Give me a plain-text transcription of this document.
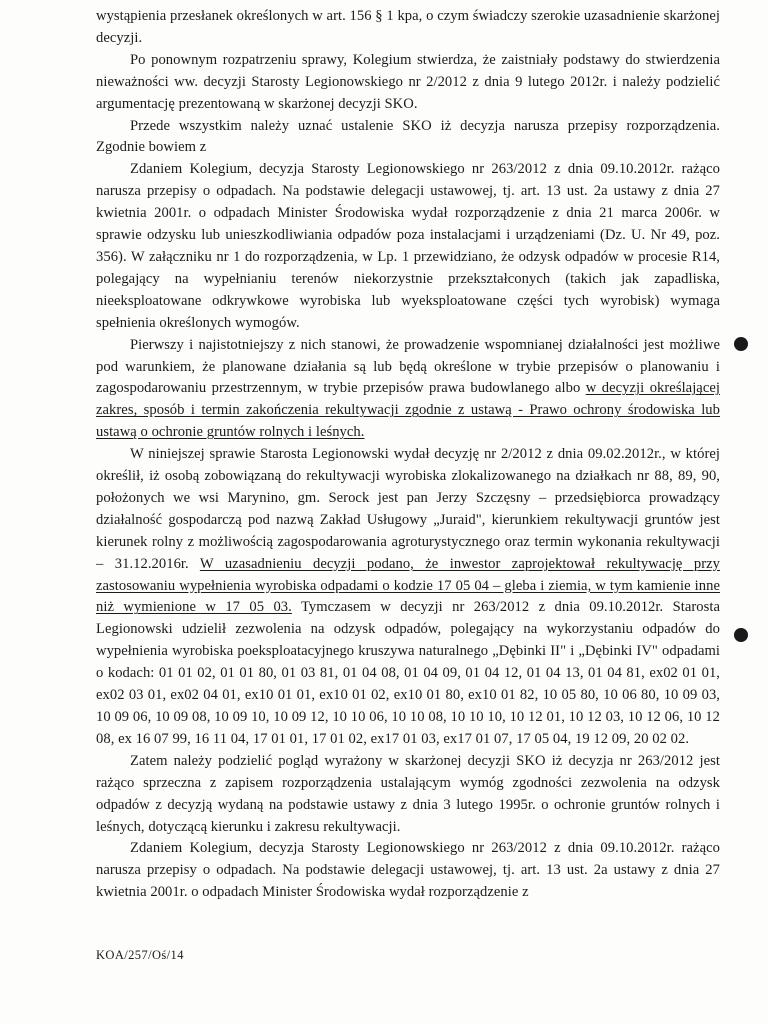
wystąpienia przesłanek określonych w art. 156 § 1 kpa, o czym świadczy szerokie uzasadnienie skarżonej decyzji.

Po ponownym rozpatrzeniu sprawy, Kolegium stwierdza, że zaistniały podstawy do stwierdzenia nieważności ww. decyzji Starosty Legionowskiego nr 2/2012 z dnia 9 lutego 2012r. i należy podzielić argumentację prezentowaną w skarżonej decyzji SKO.

Przede wszystkim należy uznać ustalenie SKO iż decyzja narusza przepisy rozporządzenia. Zgodnie bowiem z

Zdaniem Kolegium, decyzja Starosty Legionowskiego nr 263/2012 z dnia 09.10.2012r. rażąco narusza przepisy o odpadach. Na podstawie delegacji ustawowej, tj. art. 13 ust. 2a ustawy z dnia 27 kwietnia 2001r. o odpadach Minister Środowiska wydał rozporządzenie z dnia 21 marca 2006r. w sprawie odzysku lub unieszkodliwiania odpadów poza instalacjami i urządzeniami (Dz. U. Nr 49, poz. 356). W załączniku nr 1 do rozporządzenia, w Lp. 1 przewidziano, że odzysk odpadów w procesie R14, polegający na wypełnianiu terenów niekorzystnie przekształconych (takich jak zapadliska, nieeksploatowane odkrywkowe wyrobiska lub wyeksploatowane części tych wyrobisk) wymaga spełnienia określonych wymogów.

Pierwszy i najistotniejszy z nich stanowi, że prowadzenie wspomnianej działalności jest możliwe pod warunkiem, że planowane działania są lub będą określone w trybie przepisów o planowaniu i zagospodarowaniu przestrzennym, w trybie przepisów prawa budowlanego albo w decyzji określającej zakres, sposób i termin zakończenia rekultywacji zgodnie z ustawą - Prawo ochrony środowiska lub ustawą o ochronie gruntów rolnych i leśnych.

W niniejszej sprawie Starosta Legionowski wydał decyzję nr 2/2012 z dnia 09.02.2012r., w której określił, iż osobą zobowiązaną do rekultywacji wyrobiska zlokalizowanego na działkach nr 88, 89, 90, położonych we wsi Marynino, gm. Serock jest pan Jerzy Szczęsny – przedsiębiorca prowadzący działalność gospodarczą pod nazwą Zakład Usługowy „Juraid", kierunkiem rekultywacji gruntów jest kierunek rolny z możliwością zagospodarowania agroturystycznego oraz termin wykonania rekultywacji – 31.12.2016r. W uzasadnieniu decyzji podano, że inwestor zaprojektował rekultywację przy zastosowaniu wypełnienia wyrobiska odpadami o kodzie 17 05 04 – gleba i ziemia, w tym kamienie inne niż wymienione w 17 05 03. Tymczasem w decyzji nr 263/2012 z dnia 09.10.2012r. Starosta Legionowski udzielił zezwolenia na odzysk odpadów, polegający na wykorzystaniu odpadów do wypełnienia wyrobiska poeksploatacyjnego kruszywa naturalnego „Dębinki II" i „Dębinki IV" odpadami o kodach: 01 01 02, 01 01 80, 01 03 81, 01 04 08, 01 04 09, 01 04 12, 01 04 13, 01 04 81, ex02 01 01, ex02 03 01, ex02 04 01, ex10 01 01, ex10 01 02, ex10 01 80, ex10 01 82, 10 05 80, 10 06 80, 10 09 03, 10 09 06, 10 09 08, 10 09 10, 10 09 12, 10 10 06, 10 10 08, 10 10 10, 10 12 01, 10 12 03, 10 12 06, 10 12 08, ex 16 07 99, 16 11 04, 17 01 01, 17 01 02, ex17 01 03, ex17 01 07, 17 05 04, 19 12 09, 20 02 02.

Zatem należy podzielić pogląd wyrażony w skarżonej decyzji SKO iż decyzja nr 263/2012 jest rażąco sprzeczna z zapisem rozporządzenia ustalającym wymóg zgodności zezwolenia na odzysk odpadów z decyzją wydaną na podstawie ustawy z dnia 3 lutego 1995r. o ochronie gruntów rolnych i leśnych, dotyczącą kierunku i zakresu rekultywacji.

Zdaniem Kolegium, decyzja Starosty Legionowskiego nr 263/2012 z dnia 09.10.2012r. rażąco narusza przepisy o odpadach. Na podstawie delegacji ustawowej, tj. art. 13 ust. 2a ustawy z dnia 27 kwietnia 2001r. o odpadach Minister Środowiska wydał rozporządzenie z

KOA/257/Oś/14
